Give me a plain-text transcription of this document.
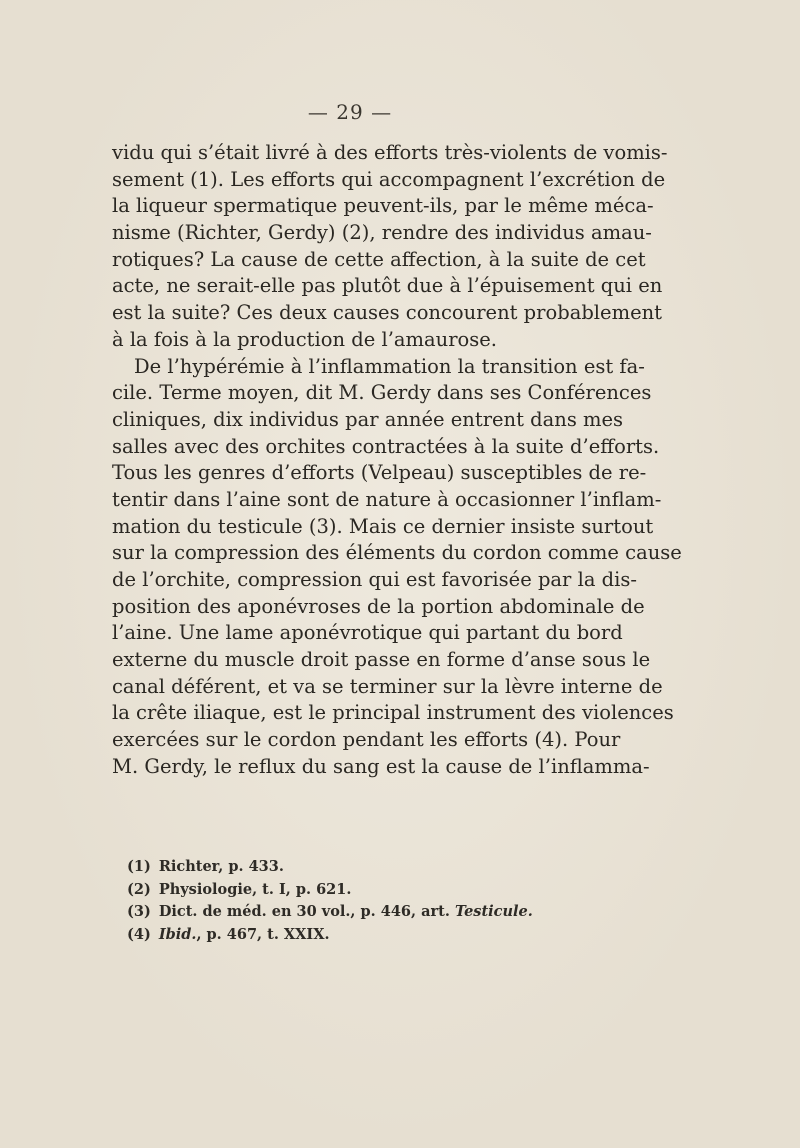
— 29 —
vidu qui s’était livré à des efforts très-violents de vomis-
sement (1). Les efforts qui accompagnent l’excrétion de
la liqueur spermatique peuvent-ils, par le même méca-
nisme (Richter, Gerdy) (2), rendre des individus amau-
rotiques? La cause de cette affection, à la suite de cet
acte, ne serait-elle pas plutôt due à l’épuisement qui en
est la suite? Ces deux causes concourent probablement
à la fois à la production de l’amaurose.
De l’hypérémie à l’inflammation la transition est fa-
cile. Terme moyen, dit M. Gerdy dans ses Conférences
cliniques, dix individus par année entrent dans mes
salles avec des orchites contractées à la suite d’efforts.
Tous les genres d’efforts (Velpeau) susceptibles de re-
tentir dans l’aine sont de nature à occasionner l’inflam-
mation du testicule (3). Mais ce dernier insiste surtout
sur la compression des éléments du cordon comme cause
de l’orchite, compression qui est favorisée par la dis-
position des aponévroses de la portion abdominale de
l’aine. Une lame aponévrotique qui partant du bord
externe du muscle droit passe en forme d’anse sous le
canal déférent, et va se terminer sur la lèvre interne de
la crête iliaque, est le principal instrument des violences
exercées sur le cordon pendant les efforts (4). Pour
M. Gerdy, le reflux du sang est la cause de l’inflamma-
(1) Richter, p. 433.
(2) Physiologie, t. I, p. 621.
(3) Dict. de méd. en 30 vol., p. 446, art. Testicule.
(4) Ibid., p. 467, t. XXIX.
